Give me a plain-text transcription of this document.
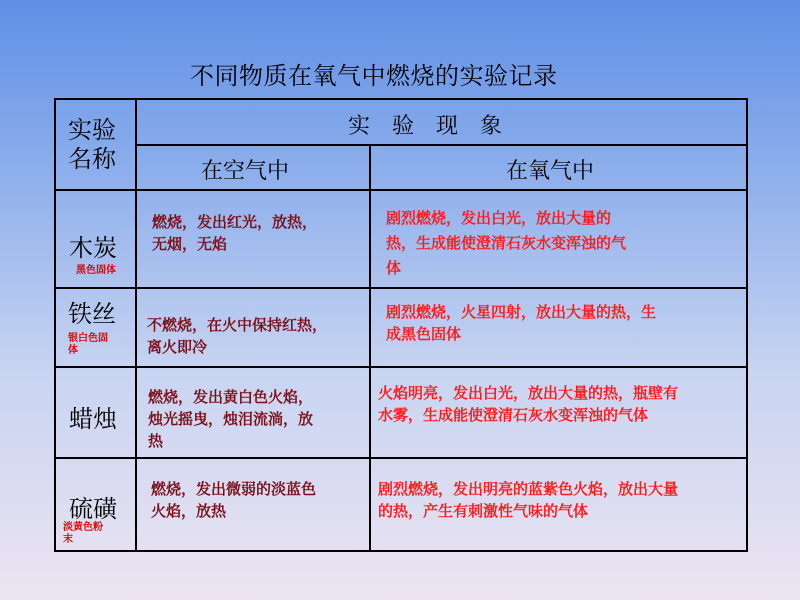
不同物质在氧气中燃烧的实验记录
实验
名称
实　验　现　象
在空气中	在氧气中
木炭
黑色固体
燃烧，发出红光，放热，
无烟，无焰
剧烈燃烧，发出白光，放出大量的
热，生成能使澄清石灰水变浑浊的气
体
铁丝
银白色固
体
不燃烧，在火中保持红热，
离火即冷
剧烈燃烧，火星四射，放出大量的热，生
成黑色固体
蜡烛
燃烧，发出黄白色火焰，
烛光摇曳，烛泪流淌，放
热
火焰明亮，发出白光，放出大量的热，瓶壁有
水雾，生成能使澄清石灰水变浑浊的气体
硫磺
淡黄色粉
末
燃烧，发出微弱的淡蓝色
火焰，放热
剧烈燃烧，发出明亮的蓝紫色火焰，放出大量
的热，产生有刺激性气味的气体
